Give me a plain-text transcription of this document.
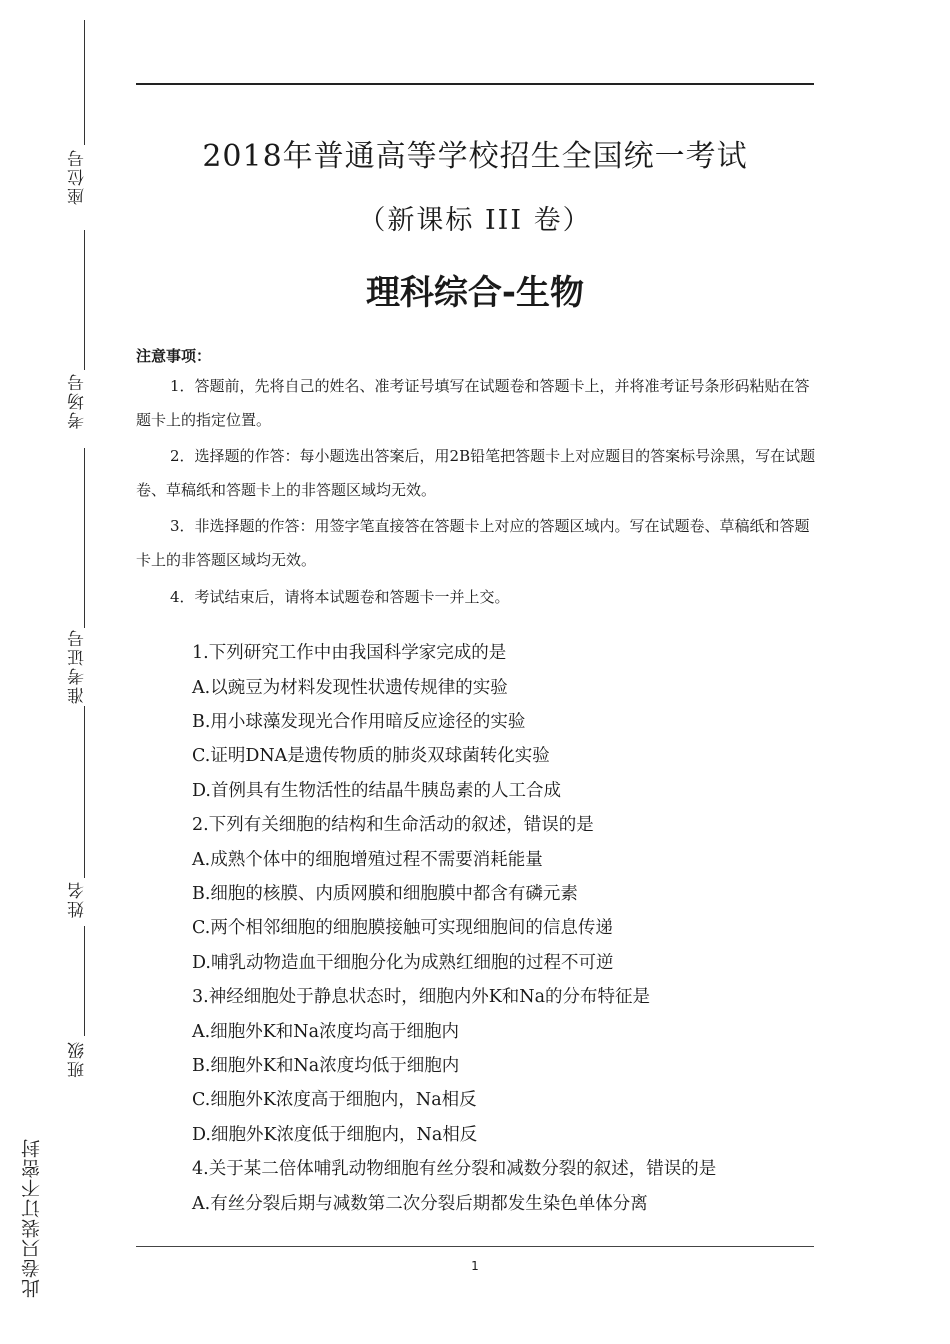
座位号
考场号
准考证号
姓名
班级
此卷只装订不密封
2018年普通高等学校招生全国统一考试
（新课标 III 卷）
理科综合-生物
注意事项：

1．答题前，先将自己的姓名、准考证号填写在试题卷和答题卡上，并将准考证号条形码粘贴在答题卡上的指定位置。

2．选择题的作答：每小题选出答案后，用2B铅笔把答题卡上对应题目的答案标号涂黑，写在试题卷、草稿纸和答题卡上的非答题区域均无效。

3．非选择题的作答：用签字笔直接答在答题卡上对应的答题区域内。写在试题卷、草稿纸和答题卡上的非答题区域均无效。

4．考试结束后，请将本试题卷和答题卡一并上交。

1.下列研究工作中由我国科学家完成的是
A.以豌豆为材料发现性状遗传规律的实验
B.用小球藻发现光合作用暗反应途径的实验
C.证明DNA是遗传物质的肺炎双球菌转化实验
D.首例具有生物活性的结晶牛胰岛素的人工合成
2.下列有关细胞的结构和生命活动的叙述，错误的是
A.成熟个体中的细胞增殖过程不需要消耗能量
B.细胞的核膜、内质网膜和细胞膜中都含有磷元素
C.两个相邻细胞的细胞膜接触可实现细胞间的信息传递
D.哺乳动物造血干细胞分化为成熟红细胞的过程不可逆
3.神经细胞处于静息状态时，细胞内外K和Na的分布特征是
A.细胞外K和Na浓度均高于细胞内
B.细胞外K和Na浓度均低于细胞内
C.细胞外K浓度高于细胞内，Na相反
D.细胞外K浓度低于细胞内，Na相反
4.关于某二倍体哺乳动物细胞有丝分裂和减数分裂的叙述，错误的是
A.有丝分裂后期与减数第二次分裂后期都发生染色单体分离
1
